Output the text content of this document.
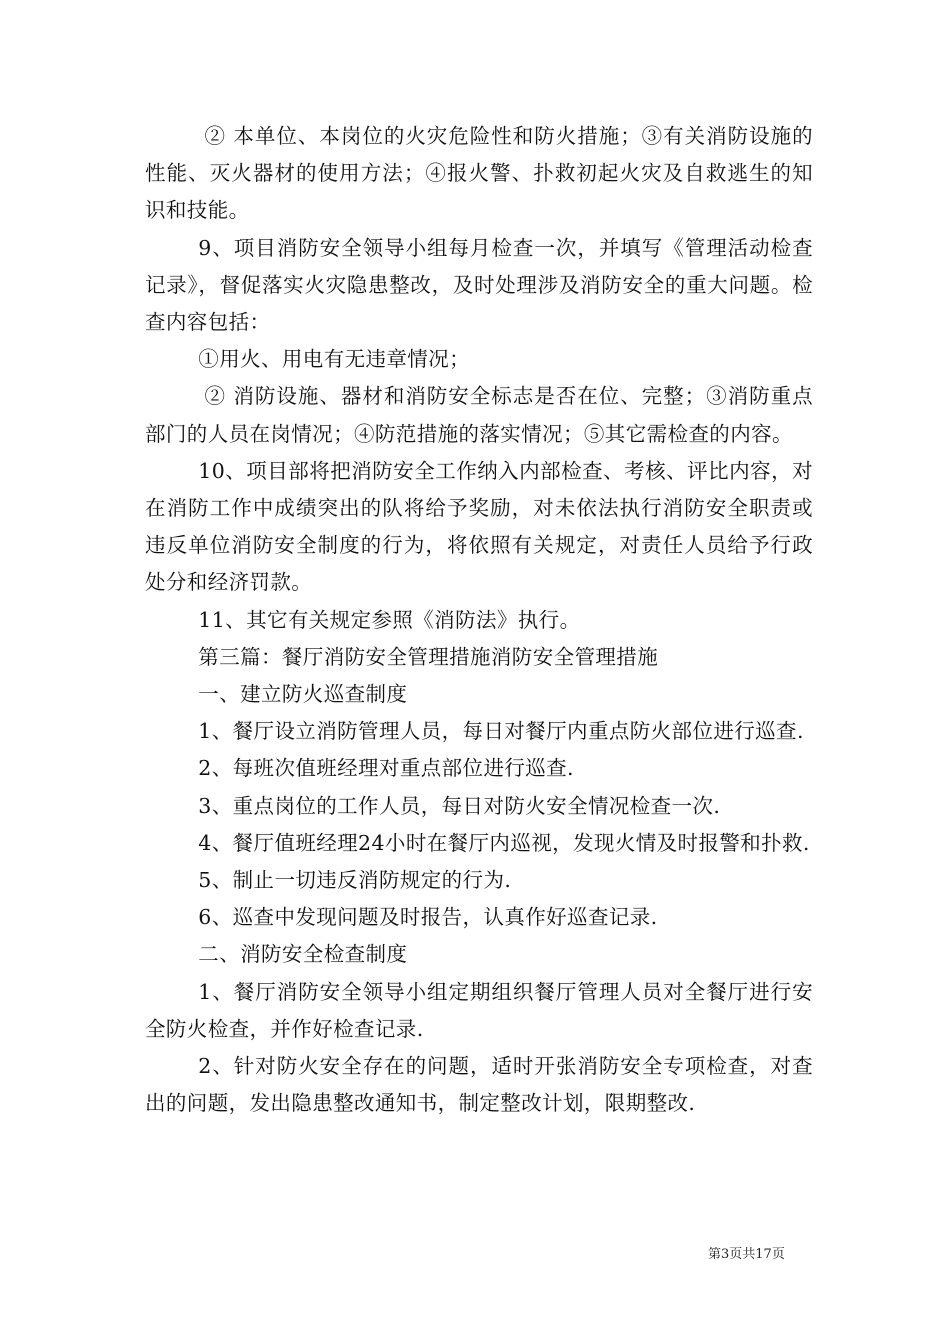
② 本单位、本岗位的火灾危险性和防火措施；③有关消防设施的性能、灭火器材的使用方法；④报火警、扑救初起火灾及自救逃生的知识和技能。

9、项目消防安全领导小组每月检查一次，并填写《管理活动检查记录》，督促落实火灾隐患整改，及时处理涉及消防安全的重大问题。检查内容包括：

①用火、用电有无违章情况；

② 消防设施、器材和消防安全标志是否在位、完整；③消防重点部门的人员在岗情况；④防范措施的落实情况；⑤其它需检查的内容。

10、项目部将把消防安全工作纳入内部检查、考核、评比内容，对在消防工作中成绩突出的队将给予奖励，对未依法执行消防安全职责或违反单位消防安全制度的行为，将依照有关规定，对责任人员给予行政处分和经济罚款。

11、其它有关规定参照《消防法》执行。

第三篇：餐厅消防安全管理措施消防安全管理措施

一、建立防火巡查制度

1、餐厅设立消防管理人员，每日对餐厅内重点防火部位进行巡查.

2、每班次值班经理对重点部位进行巡查.

3、重点岗位的工作人员，每日对防火安全情况检查一次.

4、餐厅值班经理24小时在餐厅内巡视，发现火情及时报警和扑救.

5、制止一切违反消防规定的行为.

6、巡查中发现问题及时报告，认真作好巡查记录.

二、消防安全检查制度

1、餐厅消防安全领导小组定期组织餐厅管理人员对全餐厅进行安全防火检查，并作好检查记录.

2、针对防火安全存在的问题，适时开张消防安全专项检查，对查出的问题，发出隐患整改通知书，制定整改计划，限期整改.

第3页共17页
